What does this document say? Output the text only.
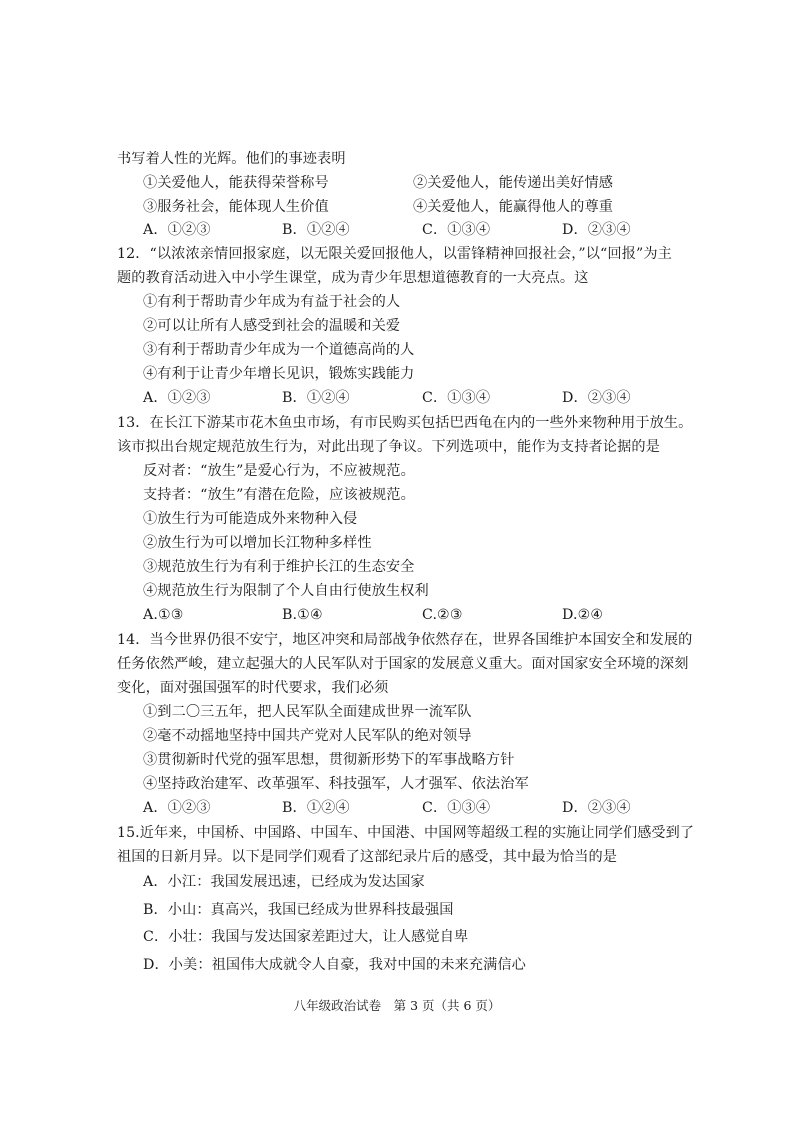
书写着人性的光辉。他们的事迹表明
①关爱他人，能获得荣誉称号	②关爱他人，能传递出美好情感
③服务社会，能体现人生价值	④关爱他人，能赢得他人的尊重
A．①②③	B．①②④	C．①③④	D．②③④
12．“以浓浓亲情回报家庭，以无限关爱回报他人，以雷锋精神回报社会，”以“回报”为主
题的教育活动进入中小学生课堂，成为青少年思想道德教育的一大亮点。这
①有利于帮助青少年成为有益于社会的人
②可以让所有人感受到社会的温暖和关爱
③有利于帮助青少年成为一个道德高尚的人
④有利于让青少年增长见识，锻炼实践能力
A．①②③	B．①②④	C．①③④	D．②③④
13．在长江下游某市花木鱼虫市场，有市民购买包括巴西龟在内的一些外来物种用于放生。
该市拟出台规定规范放生行为，对此出现了争议。下列选项中，能作为支持者论据的是
反对者：“放生”是爱心行为，不应被规范。
支持者：“放生”有潜在危险，应该被规范。
①放生行为可能造成外来物种入侵
②放生行为可以增加长江物种多样性
③规范放生行为有利于维护长江的生态安全
④规范放生行为限制了个人自由行使放生权利
A.①③	B.①④	C.②③	D.②④
14．当今世界仍很不安宁，地区冲突和局部战争依然存在，世界各国维护本国安全和发展的
任务依然严峻，建立起强大的人民军队对于国家的发展意义重大。面对国家安全环境的深刻
变化，面对强国强军的时代要求，我们必须
①到二〇三五年，把人民军队全面建成世界一流军队
②毫不动摇地坚持中国共产党对人民军队的绝对领导
③贯彻新时代党的强军思想，贯彻新形势下的军事战略方针
④坚持政治建军、改革强军、科技强军，人才强军、依法治军
A．①②③	B．①②④	C．①③④	D．②③④
15.近年来，中国桥、中国路、中国车、中国港、中国网等超级工程的实施让同学们感受到了
祖国的日新月异。以下是同学们观看了这部纪录片后的感受，其中最为恰当的是
A．小江：我国发展迅速，已经成为发达国家
B．小山：真高兴，我国已经成为世界科技最强国
C．小壮：我国与发达国家差距过大，让人感觉自卑
D．小美：祖国伟大成就令人自豪，我对中国的未来充满信心
八年级政治试卷　第 3 页（共 6 页）
